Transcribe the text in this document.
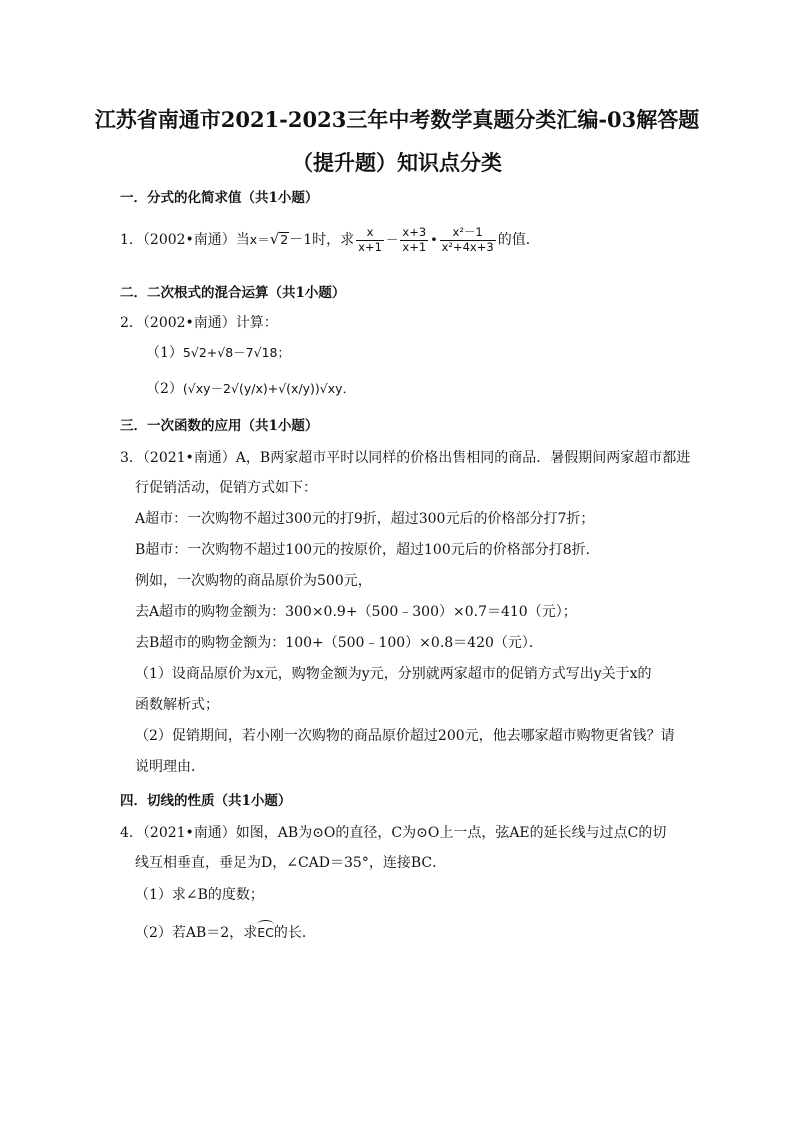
江苏省南通市2021-2023三年中考数学真题分类汇编-03解答题
（提升题）知识点分类
一．分式的化简求值（共1小题）
1．（2002•南通）当x＝√2－1时，求 $\frac{x}{x+1} - \frac{x+3}{x+1}$ • $\frac{\text{x²－1}}{\text{x²+4x+3}}$ 的值．
二．二次根式的混合运算（共1小题）
2．（2002•南通）计算：
（1）5√2+√8－7√18；
（2）(√xy－2√(y/x)+√(x/y))√xy．
三．一次函数的应用（共1小题）
3．（2021•南通）A，B两家超市平时以同样的价格出售相同的商品．暑假期间两家超市都进
行促销活动，促销方式如下：
A超市：一次购物不超过300元的打9折，超过300元后的价格部分打7折；
B超市：一次购物不超过100元的按原价，超过100元后的价格部分打8折．
例如，一次购物的商品原价为500元，
去A超市的购物金额为：300×0.9+（500﹣300）×0.7＝410（元）；
去B超市的购物金额为：100+（500﹣100）×0.8＝420（元）．
（1）设商品原价为x元，购物金额为y元，分别就两家超市的促销方式写出y关于x的
函数解析式；
（2）促销期间，若小刚一次购物的商品原价超过200元，他去哪家超市购物更省钱？请
说明理由．
四．切线的性质（共1小题）
4．（2021•南通）如图，AB为⊙O的直径，C为⊙O上一点，弦AE的延长线与过点C的切
线互相垂直，垂足为D，∠CAD＝35°，连接BC．
（1）求∠B的度数；
（2）若AB＝2，求EC的长．
